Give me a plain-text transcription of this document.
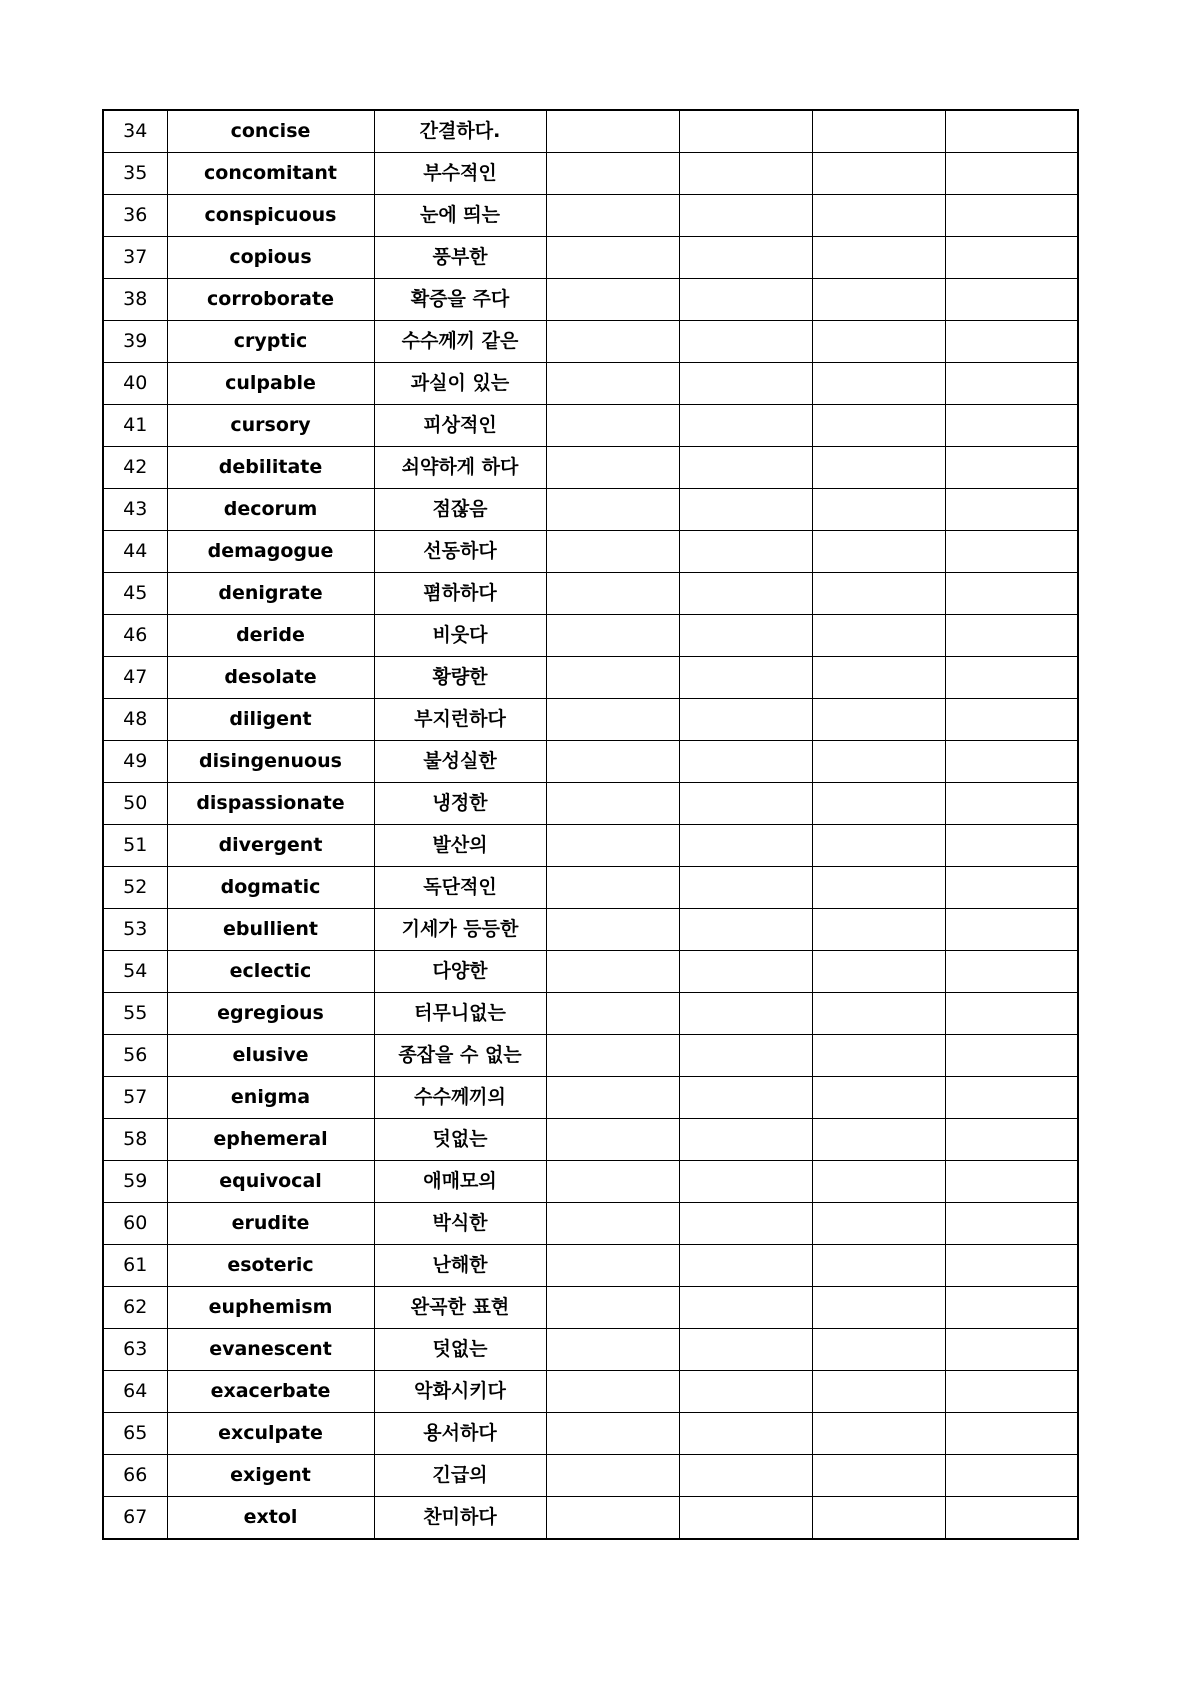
34	concise	간결하다.				
35	concomitant	부수적인				
36	conspicuous	눈에 띄는				
37	copious	풍부한				
38	corroborate	확증을 주다				
39	cryptic	수수께끼 같은				
40	culpable	과실이 있는				
41	cursory	피상적인				
42	debilitate	쇠약하게 하다				
43	decorum	점잖음				
44	demagogue	선동하다				
45	denigrate	폄하하다				
46	deride	비웃다				
47	desolate	황량한				
48	diligent	부지런하다				
49	disingenuous	불성실한				
50	dispassionate	냉정한				
51	divergent	발산의				
52	dogmatic	독단적인				
53	ebullient	기세가 등등한				
54	eclectic	다양한				
55	egregious	터무니없는				
56	elusive	종잡을 수 없는				
57	enigma	수수께끼의				
58	ephemeral	덧없는				
59	equivocal	애매모의				
60	erudite	박식한				
61	esoteric	난해한				
62	euphemism	완곡한 표현				
63	evanescent	덧없는				
64	exacerbate	악화시키다				
65	exculpate	용서하다				
66	exigent	긴급의				
67	extol	찬미하다				
